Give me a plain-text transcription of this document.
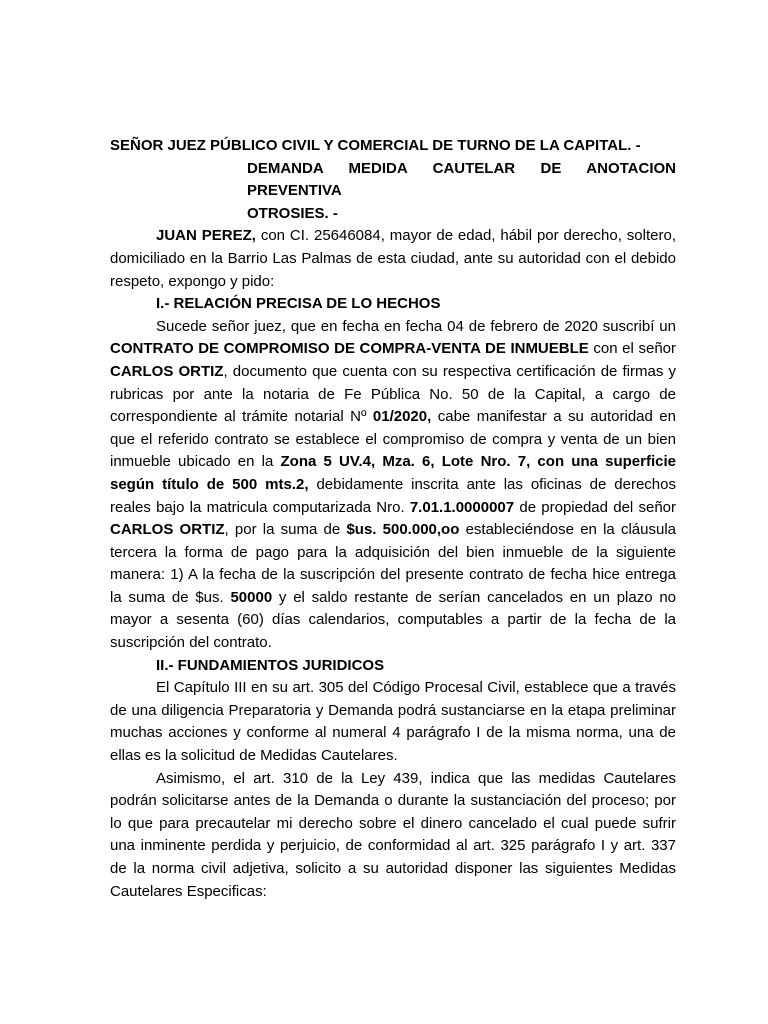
SEÑOR JUEZ PÚBLICO CIVIL Y COMERCIAL DE TURNO DE LA CAPITAL. -

DEMANDA MEDIDA CAUTELAR DE ANOTACION

PREVENTIVA

OTROSIES. -

JUAN PEREZ, con CI. 25646084, mayor de edad, hábil por derecho, soltero, domiciliado en la Barrio Las Palmas de esta ciudad, ante su autoridad con el debido respeto, expongo y pido:

I.- RELACIÓN PRECISA DE LO HECHOS

Sucede señor juez, que en fecha en fecha 04 de febrero de 2020 suscribí un CONTRATO DE COMPROMISO DE COMPRA-VENTA DE INMUEBLE con el señor CARLOS ORTIZ, documento que cuenta con su respectiva certificación de firmas y rubricas por ante la notaria de Fe Pública No. 50 de la Capital, a cargo de correspondiente al trámite notarial Nº 01/2020, cabe manifestar a su autoridad en que el referido contrato se establece el compromiso de compra y venta de un bien inmueble ubicado en la Zona 5 UV.4, Mza. 6, Lote Nro. 7, con una superficie según título de 500 mts.2, debidamente inscrita ante las oficinas de derechos reales bajo la matricula computarizada Nro. 7.01.1.0000007 de propiedad del señor CARLOS ORTIZ, por la suma de $us. 500.000,oo estableciéndose en la cláusula tercera la forma de pago para la adquisición del bien inmueble de la siguiente manera: 1) A la fecha de la suscripción del presente contrato de fecha hice entrega la suma de $us. 50000 y el saldo restante de serían cancelados en un plazo no mayor a sesenta (60) días calendarios, computables a partir de la fecha de la suscripción del contrato.

II.- FUNDAMIENTOS JURIDICOS

El Capítulo III en su art. 305 del Código Procesal Civil, establece que a través de una diligencia Preparatoria y Demanda podrá sustanciarse en la etapa preliminar muchas acciones y conforme al numeral 4 parágrafo I de la misma norma, una de ellas es la solicitud de Medidas Cautelares.

Asimismo, el art. 310 de la Ley 439, indica que las medidas Cautelares podrán solicitarse antes de la Demanda o durante la sustanciación del proceso; por lo que para precautelar mi derecho sobre el dinero cancelado el cual puede sufrir una inminente perdida y perjuicio, de conformidad al art. 325 parágrafo I y art. 337 de la norma civil adjetiva, solicito a su autoridad disponer las siguientes Medidas Cautelares Especificas:
